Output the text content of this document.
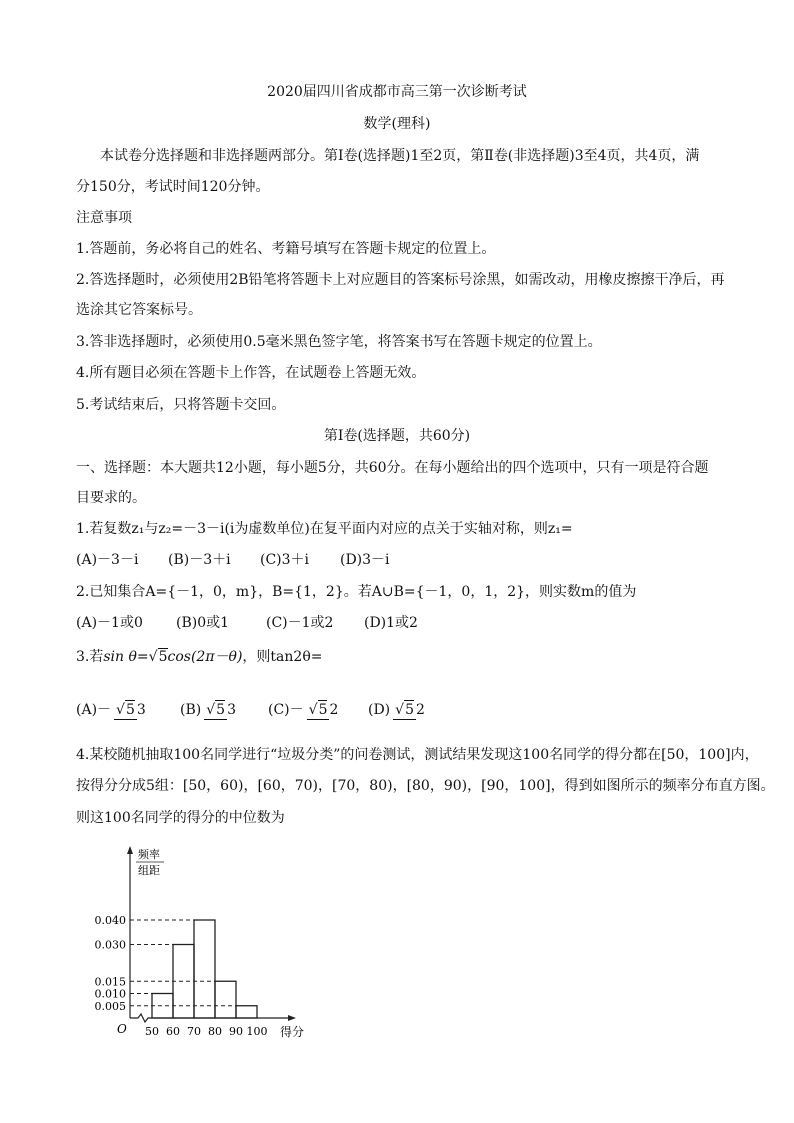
2020届四川省成都市高三第一次诊断考试
数学(理科)
本试卷分选择题和非选择题两部分。第Ⅰ卷(选择题)1至2页，第Ⅱ卷(非选择题)3至4页，共4页，满
分150分，考试时间120分钟。
注意事项
1.答题前，务必将自己的姓名、考籍号填写在答题卡规定的位置上。
2.答选择题时，必须使用2B铅笔将答题卡上对应题目的答案标号涂黑，如需改动，用橡皮擦擦干净后，再
选涂其它答案标号。
3.答非选择题时，必须使用0.5毫米黑色签字笔，将答案书写在答题卡规定的位置上。
4.所有题目必须在答题卡上作答，在试题卷上答题无效。
5.考试结束后，只将答题卡交回。
第Ⅰ卷(选择题，共60分)
一、选择题：本大题共12小题，每小题5分，共60分。在每小题给出的四个选项中，只有一项是符合题
目要求的。
1.若复数z₁与z₂=－3－i(i为虚数单位)在复平面内对应的点关于实轴对称，则z₁=
(A)－3－i (B)－3＋i (C)3＋i (D)3－i
2.已知集合A={－1，0，m}，B={1，2}。若A∪B={－1，0，1，2}，则实数m的值为
(A)－1或0 (B)0或1	(C)－1或2 (D)1或2
3.若sin θ=√5cos(2π－θ)，则tan2θ=
(A)－ √5 3 (B) √5 3 (C)－ √5 2 (D) √5 2
4.某校随机抽取100名同学进行“垃圾分类”的问卷测试，测试结果发现这100名同学的得分都在[50，100]内，
按得分分成5组：[50，60)，[60，70)，[70，80)，[80，90)，[90，100]，得到如图所示的频率分布直方图。
则这100名同学的得分的中位数为
O
频率
组距
得分
0.040
0.030
0.015
0.010
0.005
50 60 70 80 90 100
